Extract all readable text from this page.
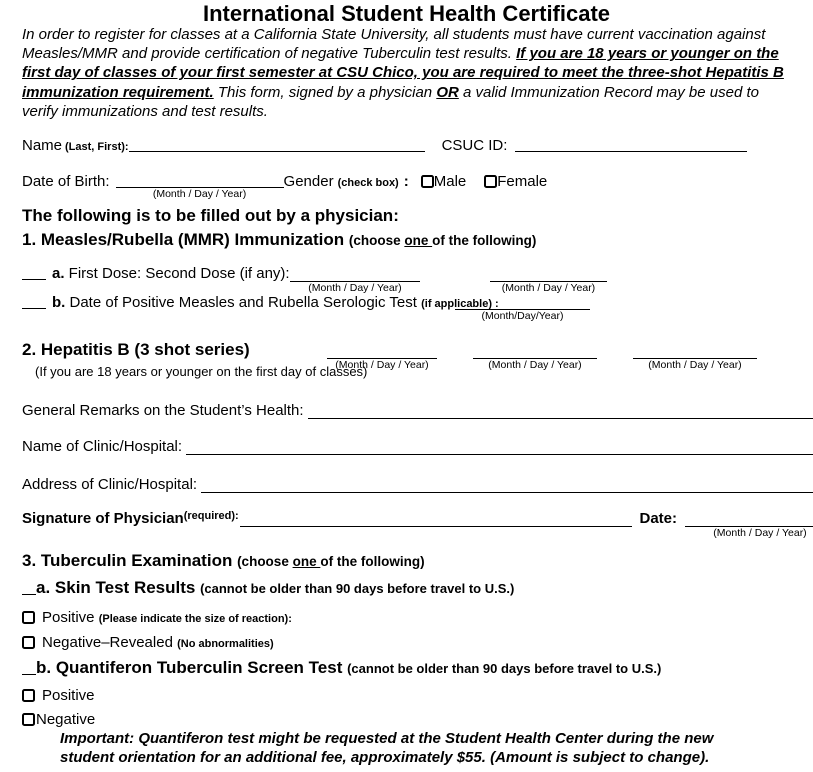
International Student Health Certificate
In order to register for classes at a California State University, all students must have current vaccination against Measles/MMR and provide certification of negative Tuberculin test results. If you are 18 years or younger on the first day of classes of your first semester at CSU Chico, you are required to meet the three-shot Hepatitis B immunization requirement. This form, signed by a physician OR a valid Immunization Record may be used to verify immunizations and test results.
Name (Last, First):	CSUC ID:
Date of Birth:
(Month / Day / Year)
Gender (check box) : Male Female
The following is to be filled out by a physician:
1. Measles/Rubella (MMR) Immunization (choose one of the following)
a. First Dose: Second Dose (if any):
(Month / Day / Year)	(Month / Day / Year)
b. Date of Positive Measles and Rubella Serologic Test (if applicable) :
(Month/Day/Year)
2. Hepatitis B (3 shot series)
(Month / Day / Year)	(Month / Day / Year)	(Month / Day / Year)
(If you are 18 years or younger on the first day of classes)
General Remarks on the Student’s Health:
Name of Clinic/Hospital:
Address of Clinic/Hospital:
Signature of Physician (required):	Date:
(Month / Day / Year)
3. Tuberculin Examination (choose one of the following)
a. Skin Test Results (cannot be older than 90 days before travel to U.S.)
Positive (Please indicate the size of reaction):
Negative–Revealed (No abnormalities)
b. Quantiferon Tuberculin Screen Test (cannot be older than 90 days before travel to U.S.)
Positive
Negative
Important: Quantiferon test might be requested at the Student Health Center during the new student orientation for an additional fee, approximately $55. (Amount is subject to change).
